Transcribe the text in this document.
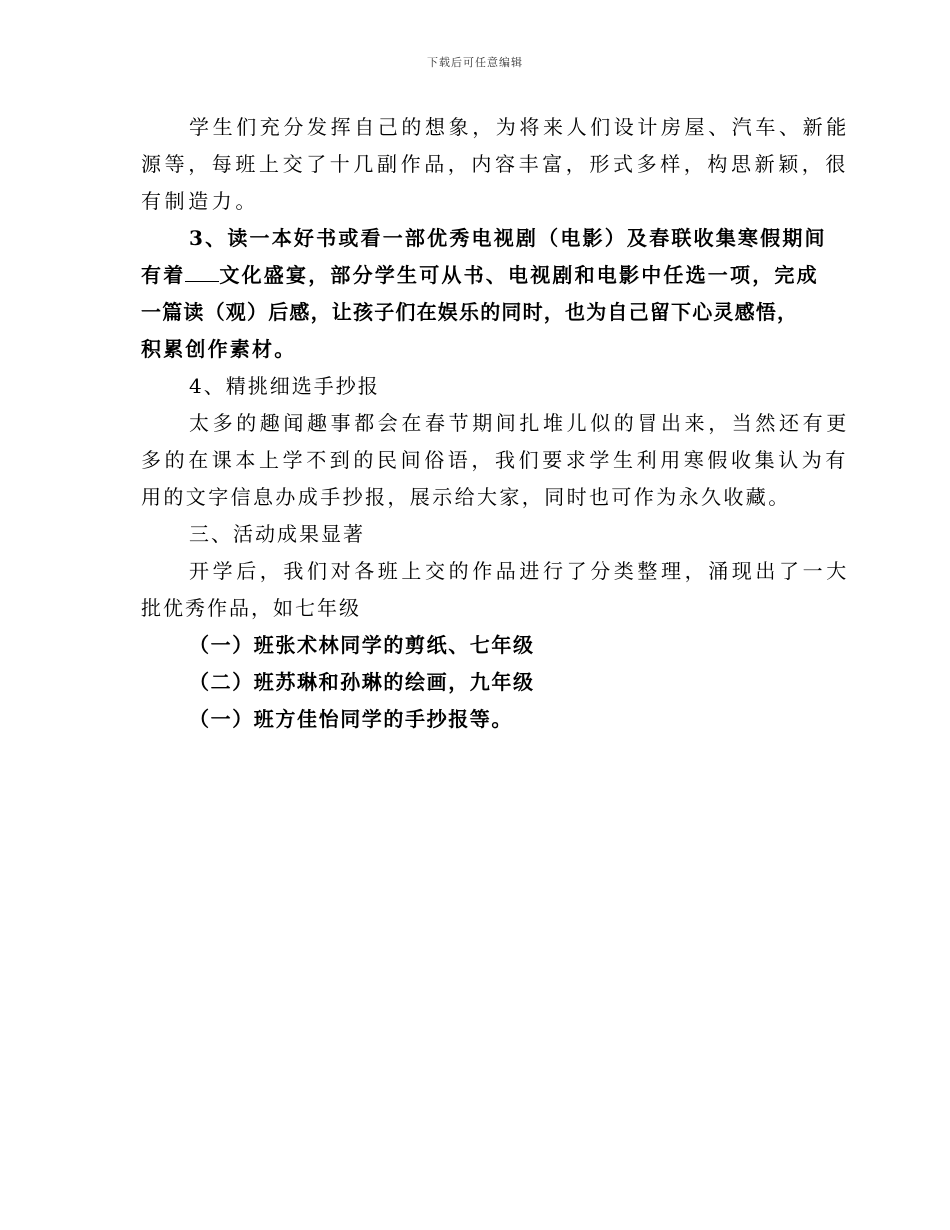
下载后可任意编辑
学生们充分发挥自己的想象，为将来人们设计房屋、汽车、新能
源等，每班上交了十几副作品，内容丰富，形式多样，构思新颖，很
有制造力。
3、读一本好书或看一部优秀电视剧（电影）及春联收集寒假期间
有着 文化盛宴，部分学生可从书、电视剧和电影中任选一项，完成
一篇读（观）后感，让孩子们在娱乐的同时，也为自己留下心灵感悟，
积累创作素材。
4、精挑细选手抄报
太多的趣闻趣事都会在春节期间扎堆儿似的冒出来，当然还有更
多的在课本上学不到的民间俗语，我们要求学生利用寒假收集认为有
用的文字信息办成手抄报，展示给大家，同时也可作为永久收藏。
三、活动成果显著
开学后，我们对各班上交的作品进行了分类整理，涌现出了一大
批优秀作品，如七年级
（一）班张术林同学的剪纸、七年级
（二）班苏琳和孙琳的绘画，九年级
（一）班方佳怡同学的手抄报等。
